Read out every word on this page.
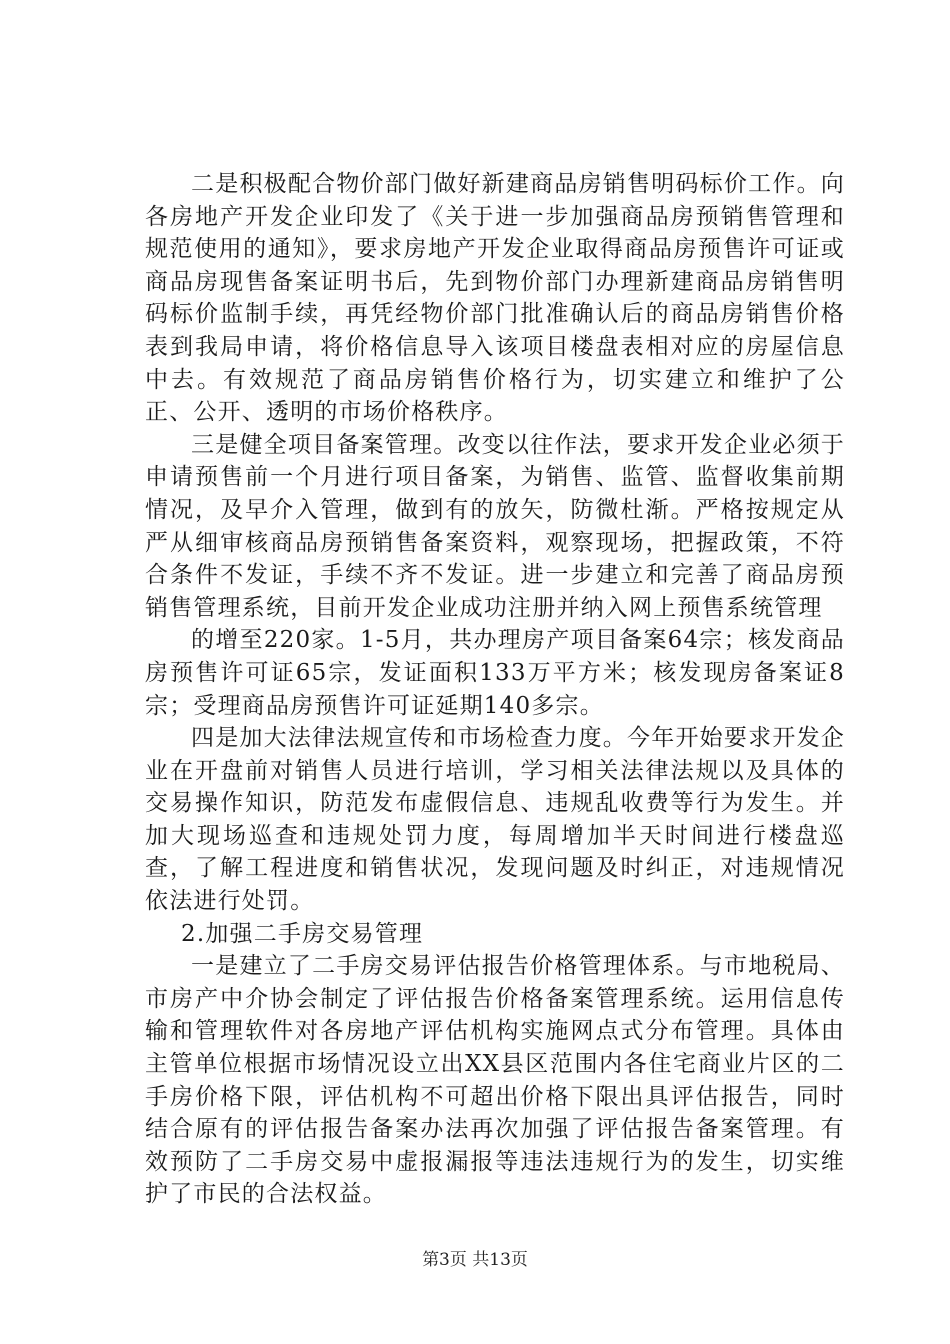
二是积极配合物价部门做好新建商品房销售明码标价工作。向各房地产开发企业印发了《关于进一步加强商品房预销售管理和规范使用的通知》，要求房地产开发企业取得商品房预售许可证或商品房现售备案证明书后，先到物价部门办理新建商品房销售明码标价监制手续，再凭经物价部门批准确认后的商品房销售价格表到我局申请，将价格信息导入该项目楼盘表相对应的房屋信息中去。有效规范了商品房销售价格行为，切实建立和维护了公正、公开、透明的市场价格秩序。

三是健全项目备案管理。改变以往作法，要求开发企业必须于申请预售前一个月进行项目备案，为销售、监管、监督收集前期情况，及早介入管理，做到有的放矢，防微杜渐。严格按规定从严从细审核商品房预销售备案资料，观察现场，把握政策，不符合条件不发证，手续不齐不发证。进一步建立和完善了商品房预销售管理系统，目前开发企业成功注册并纳入网上预售系统管理

的增至220家。1-5月，共办理房产项目备案64宗；核发商品房预售许可证65宗，发证面积133万平方米；核发现房备案证8宗；受理商品房预售许可证延期140多宗。

四是加大法律法规宣传和市场检查力度。今年开始要求开发企业在开盘前对销售人员进行培训，学习相关法律法规以及具体的交易操作知识，防范发布虚假信息、违规乱收费等行为发生。并加大现场巡查和违规处罚力度，每周增加半天时间进行楼盘巡查，了解工程进度和销售状况，发现问题及时纠正，对违规情况依法进行处罚。

2.加强二手房交易管理

一是建立了二手房交易评估报告价格管理体系。与市地税局、市房产中介协会制定了评估报告价格备案管理系统。运用信息传输和管理软件对各房地产评估机构实施网点式分布管理。具体由主管单位根据市场情况设立出XX县区范围内各住宅商业片区的二手房价格下限，评估机构不可超出价格下限出具评估报告，同时结合原有的评估报告备案办法再次加强了评估报告备案管理。有效预防了二手房交易中虚报漏报等违法违规行为的发生，切实维护了市民的合法权益。

第3页 共13页
